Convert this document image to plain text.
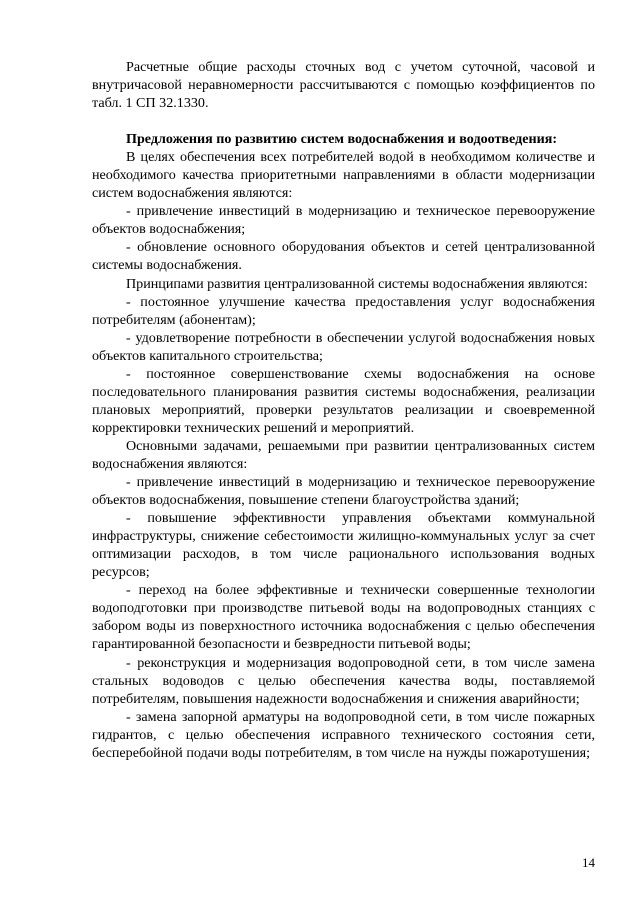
Расчетные общие расходы сточных вод с учетом суточной, часовой и внутричасовой неравномерности рассчитываются с помощью коэффициентов по табл. 1 СП 32.1330.

Предложения по развитию систем водоснабжения и водоотведения:

В целях обеспечения всех потребителей водой в необходимом количестве и необходимого качества приоритетными направлениями в области модернизации систем водоснабжения являются:

- привлечение инвестиций в модернизацию и техническое перевооружение объектов водоснабжения;

- обновление основного оборудования объектов и сетей централизованной системы водоснабжения.

Принципами развития централизованной системы водоснабжения являются:

- постоянное улучшение качества предоставления услуг водоснабжения потребителям (абонентам);

- удовлетворение потребности в обеспечении услугой водоснабжения новых объектов капитального строительства;

- постоянное совершенствование схемы водоснабжения на основе последовательного планирования развития системы водоснабжения, реализации плановых мероприятий, проверки результатов реализации и своевременной корректировки технических решений и мероприятий.

Основными задачами, решаемыми при развитии централизованных систем водоснабжения являются:

- привлечение инвестиций в модернизацию и техническое перевооружение объектов водоснабжения, повышение степени благоустройства зданий;

- повышение эффективности управления объектами коммунальной инфраструктуры, снижение себестоимости жилищно-коммунальных услуг за счет оптимизации расходов, в том числе рационального использования водных ресурсов;

- переход на более эффективные и технически совершенные технологии водоподготовки при производстве питьевой воды на водопроводных станциях с забором воды из поверхностного источника водоснабжения с целью обеспечения гарантированной безопасности и безвредности питьевой воды;

- реконструкция и модернизация водопроводной сети, в том числе замена стальных водоводов с целью обеспечения качества воды, поставляемой потребителям, повышения надежности водоснабжения и снижения аварийности;

- замена запорной арматуры на водопроводной сети, в том числе пожарных гидрантов, с целью обеспечения исправного технического состояния сети, бесперебойной подачи воды потребителям, в том числе на нужды пожаротушения;

14
